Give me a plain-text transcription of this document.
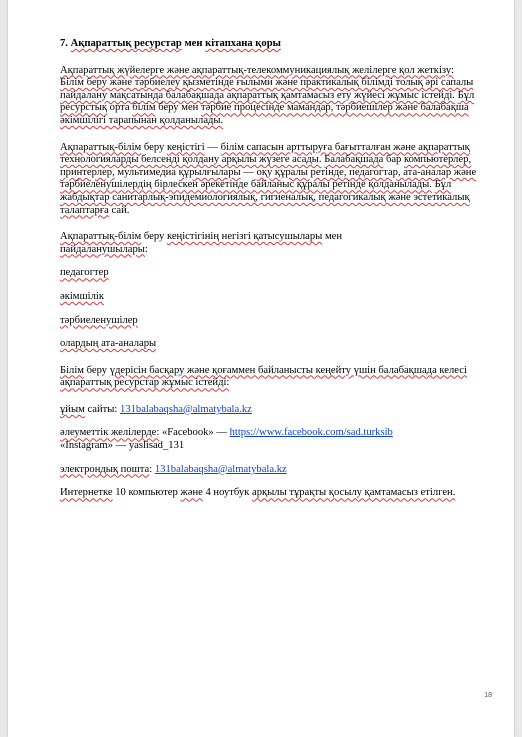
7. Ақпараттық ресурстар мен кітапхана қоры

Ақпараттық жүйелерге және ақпараттық-телекоммуникациялық желілерге қол жеткізу:
Білім беру және тәрбиелеу қызметінде ғылыми және практикалық білімді толық әрі сапалы пайдалану мақсатында балабақшада ақпараттық қамтамасыз ету жүйесі жұмыс істейді. Бұл ресурстық орта білім беру мен тәрбие процесінде мамандар, тәрбиешілер және балабақша әкімшілігі тарапынан қолданылады.

Ақпараттық-білім беру кеңістігі — білім сапасын арттыруға бағытталған және ақпараттық технологияларды белсенді қолдану арқылы жүзеге асады. Балабақшада бар компьютерлер, принтерлер, мультимедиа құрылғылары — оқу құралы ретінде, педагогтар, ата-аналар және тәрбиеленушілердің бірлескен әрекетінде байланыс құралы ретінде қолданылады. Бұл жабдықтар санитарлық-эпидемиологиялық, гигиеналық, педагогикалық және эстетикалық талаптарға сай.

Ақпараттық-білім беру кеңістігінің негізгі қатысушылары мен
пайдаланушылары:

педагогтер

әкімшілік

тәрбиеленушілер

олардың ата-аналары

Білім беру үдерісін басқару және қоғаммен байланысты кеңейту үшін балабақшада келесі ақпараттық ресурстар жұмыс істейді:

ұйым сайты: 131balabaqsha@almatybala.kz

әлеуметтік желілерде: «Facebook» — https://www.facebook.com/sad.turksib
«Instagram» — yaslisad_131

электрондық пошта: 131balabaqsha@almatybala.kz

Интернетке 10 компьютер және 4 ноутбук арқылы тұрақты қосылу қамтамасыз етілген.

18
